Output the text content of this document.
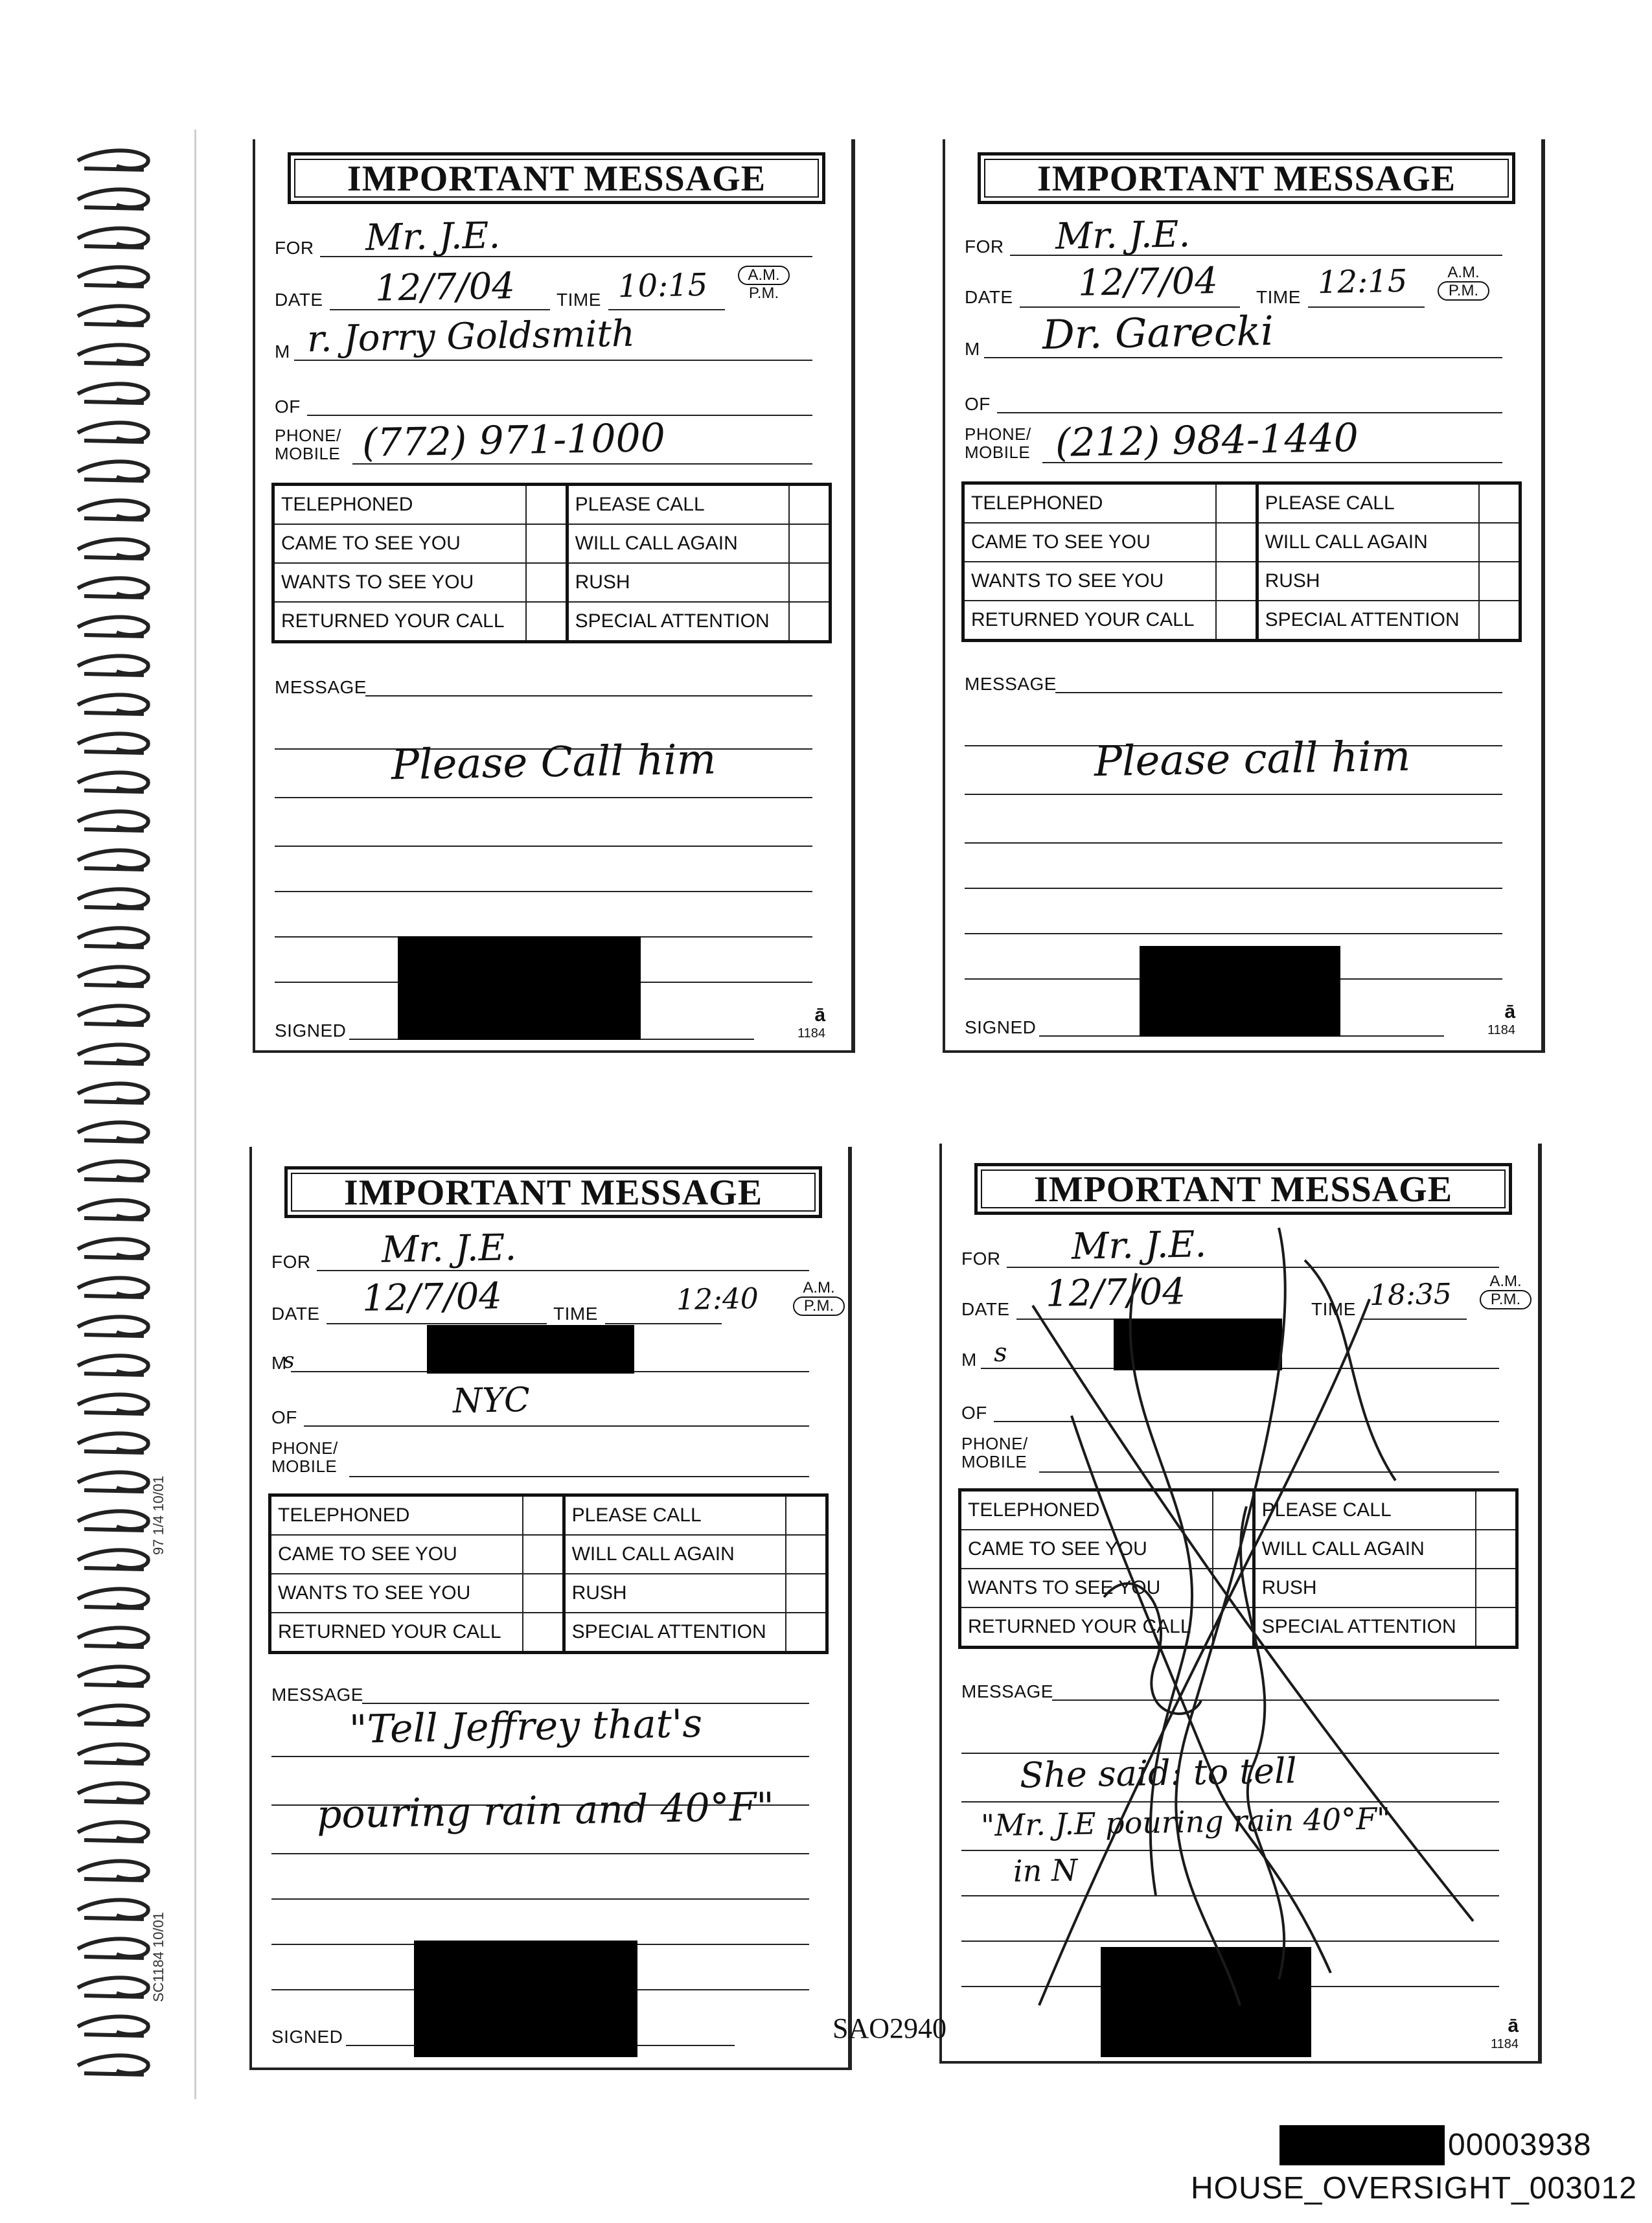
SC1184 10/01
97 1/4 10/01
IMPORTANT MESSAGE
FOR Mr. J.E.
DATE 12/7/04 TIME 10:15	A.M.
P.M.
M r. Jorry Goldsmith
OF
PHONE/
MOBILE (772) 971-1000
TELEPHONED		PLEASE CALL	
CAME TO SEE YOU		WILL CALL AGAIN	
WANTS TO SEE YOU		RUSH	
RETURNED YOUR CALL		SPECIAL ATTENTION	
MESSAGE
Please Call him
SIGNED
ā
1184
IMPORTANT MESSAGE
FOR Mr. J.E.
DATE 12/7/04 TIME 12:15	A.M.
P.M.
M Dr. Garecki
OF
PHONE/
MOBILE (212) 984-1440
TELEPHONED		PLEASE CALL	
CAME TO SEE YOU		WILL CALL AGAIN	
WANTS TO SEE YOU		RUSH	
RETURNED YOUR CALL		SPECIAL ATTENTION	
MESSAGE
Please call him
SIGNED
ā
1184
IMPORTANT MESSAGE
FOR Mr. J.E.
DATE 12/7/04	TIME	12:40	A.M.
P.M.
M
s
OF	NYC
PHONE/
MOBILE
TELEPHONED		PLEASE CALL	
CAME TO SEE YOU		WILL CALL AGAIN	
WANTS TO SEE YOU		RUSH	
RETURNED YOUR CALL		SPECIAL ATTENTION	
MESSAGE
"Tell Jeffrey that's
pouring rain and 40°F"
SIGNED
IMPORTANT MESSAGE
FOR Mr. J.E.
DATE 12/7/04	TIME 18:35	A.M.
P.M.
M s
OF
PHONE/
MOBILE
TELEPHONED		PLEASE CALL	
CAME TO SEE YOU		WILL CALL AGAIN	
WANTS TO SEE YOU		RUSH	
RETURNED YOUR CALL		SPECIAL ATTENTION	
MESSAGE
She said: to tell
"Mr. J.E pouring rain 40°F"
in N
ā
1184
SAO2940
00003938
HOUSE_OVERSIGHT_003012
